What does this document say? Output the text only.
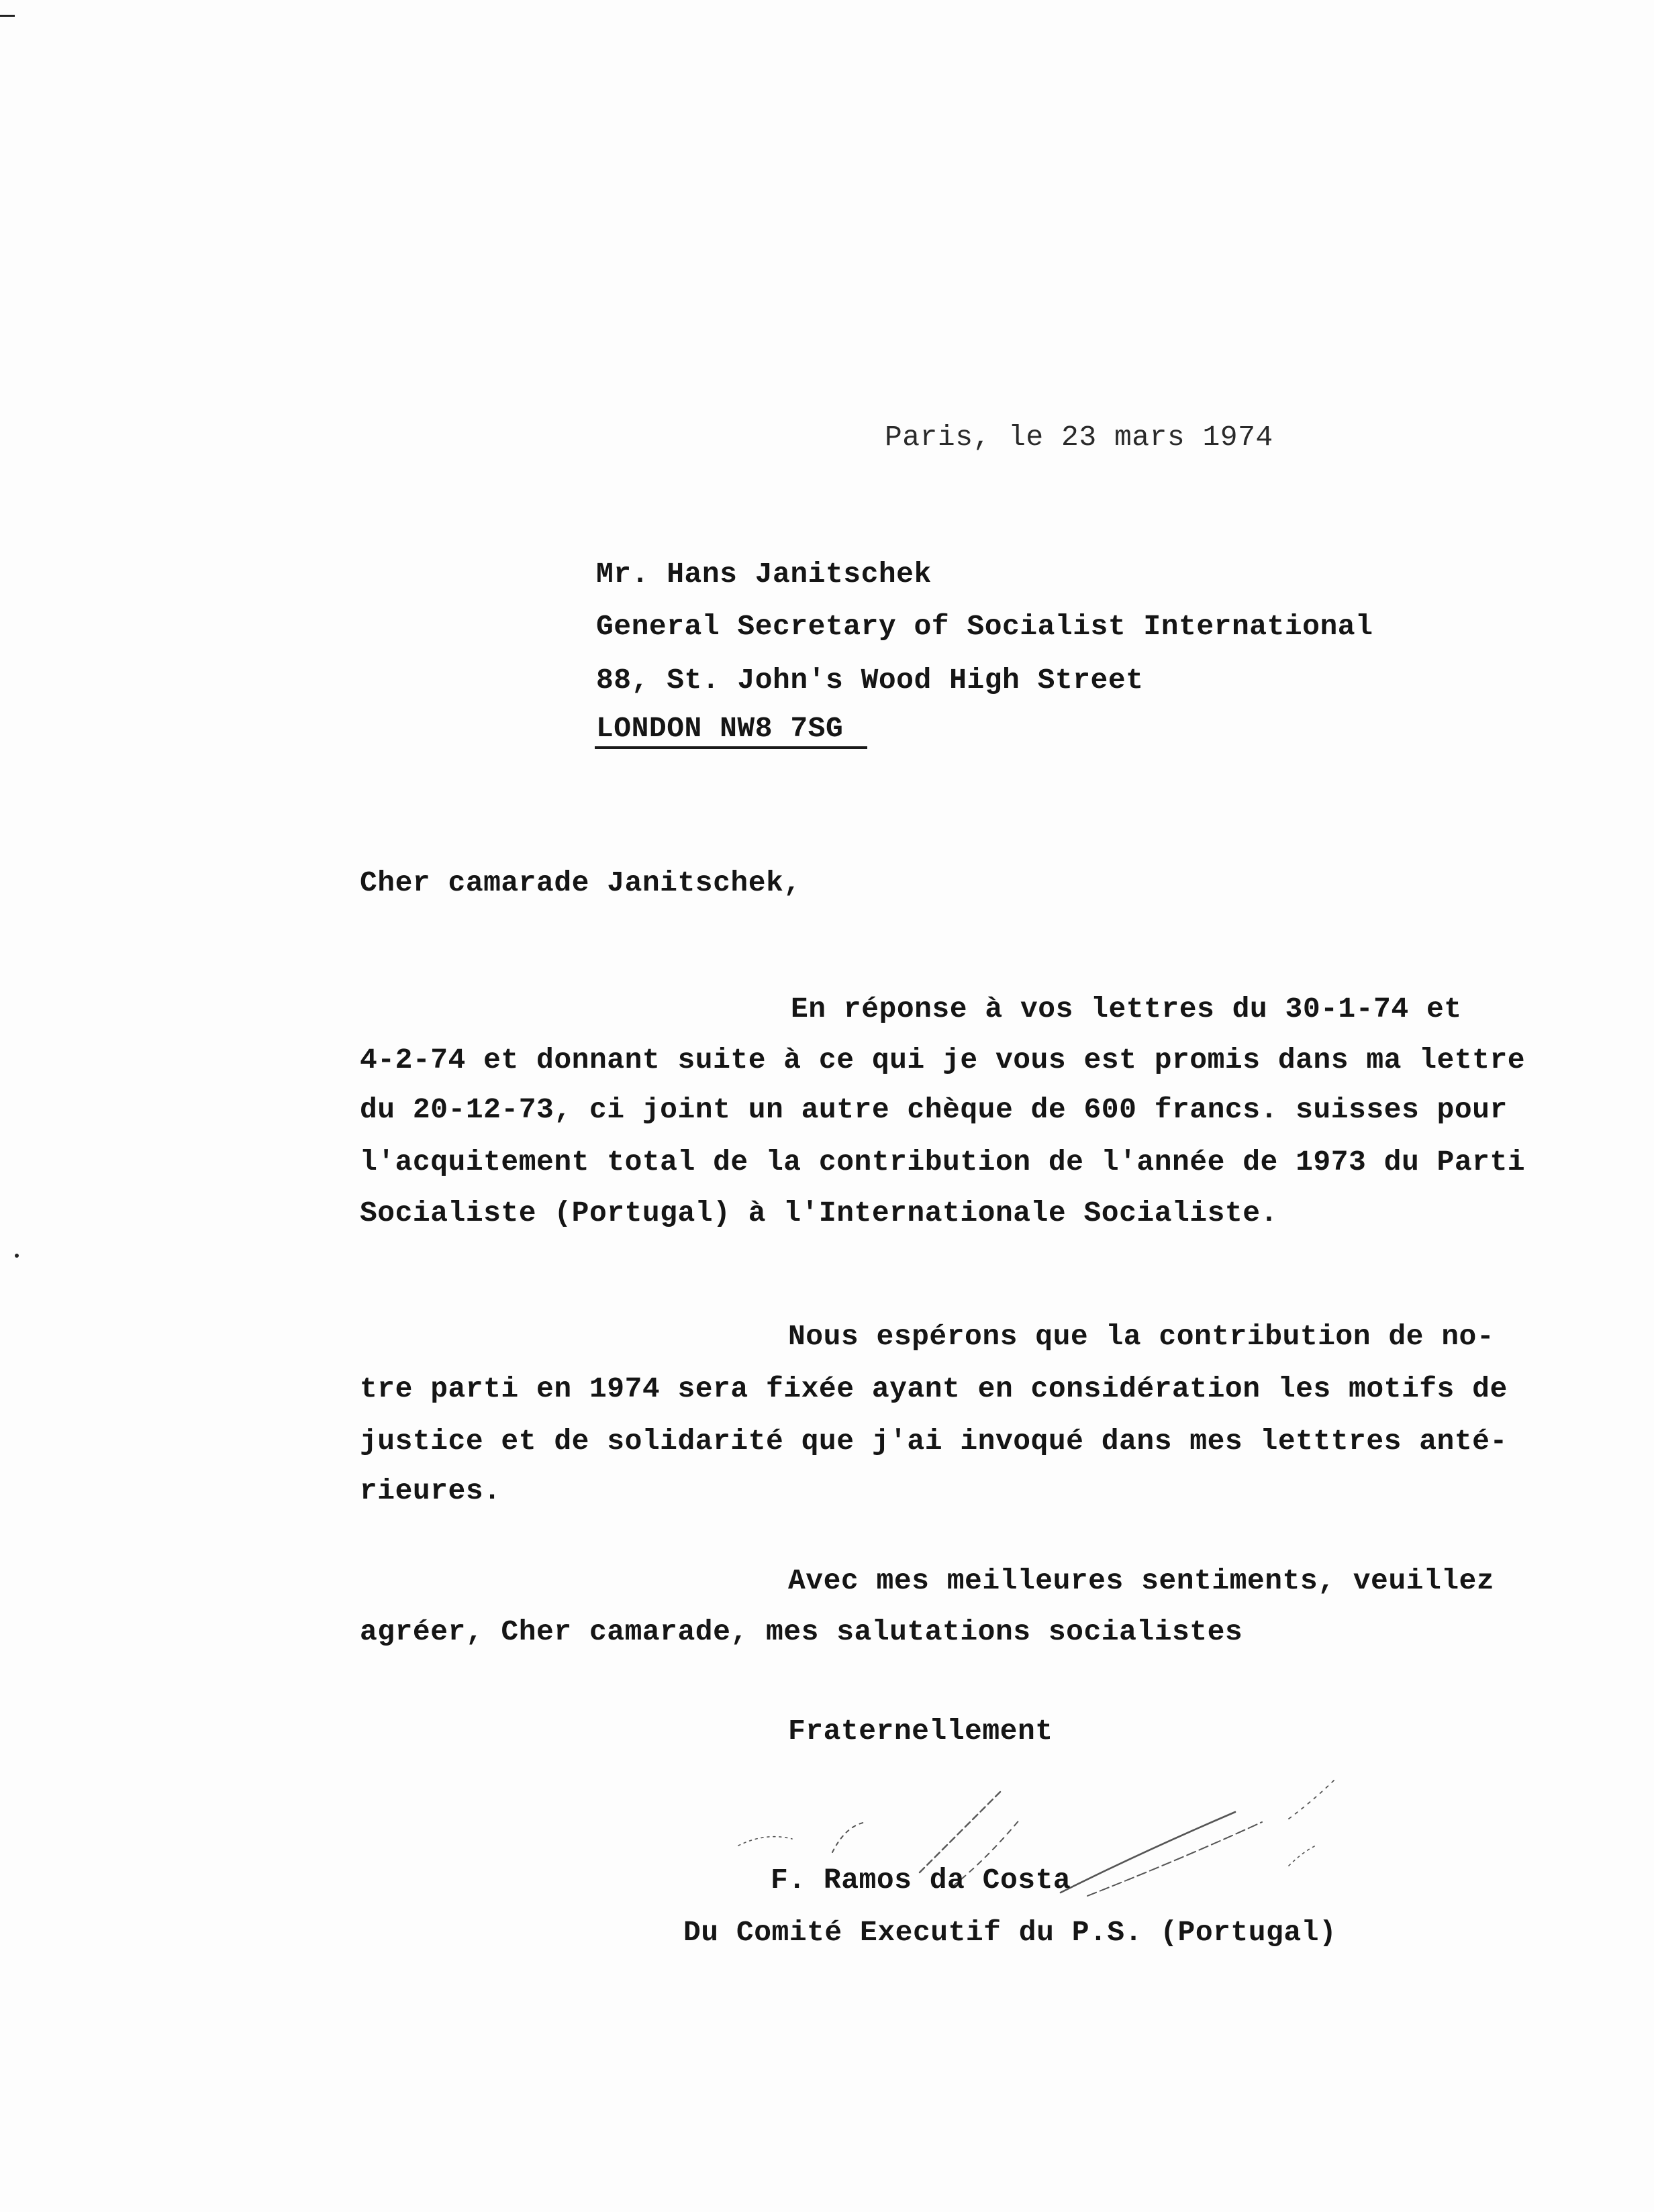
Paris, le 23 mars 1974
Mr. Hans Janitschek
General Secretary of Socialist International
88, St. John's Wood High Street
LONDON NW8 7SG
Cher camarade Janitschek,
En réponse à vos lettres du 30-1-74 et
4-2-74 et donnant suite à ce qui je vous est promis dans ma lettre
du 20-12-73, ci joint un autre chèque de 600 francs. suisses pour
l'acquitement total de la contribution de l'année de 1973 du Parti
Socialiste (Portugal) à l'Internationale Socialiste.
Nous espérons que la contribution de no-
tre parti en 1974 sera fixée ayant en considération les motifs de
justice et de solidarité que j'ai invoqué dans mes letttres anté-
rieures.
Avec mes meilleures sentiments, veuillez
agréer, Cher camarade, mes salutations socialistes
Fraternellement
F. Ramos da Costa
Du Comité Executif du P.S. (Portugal)
